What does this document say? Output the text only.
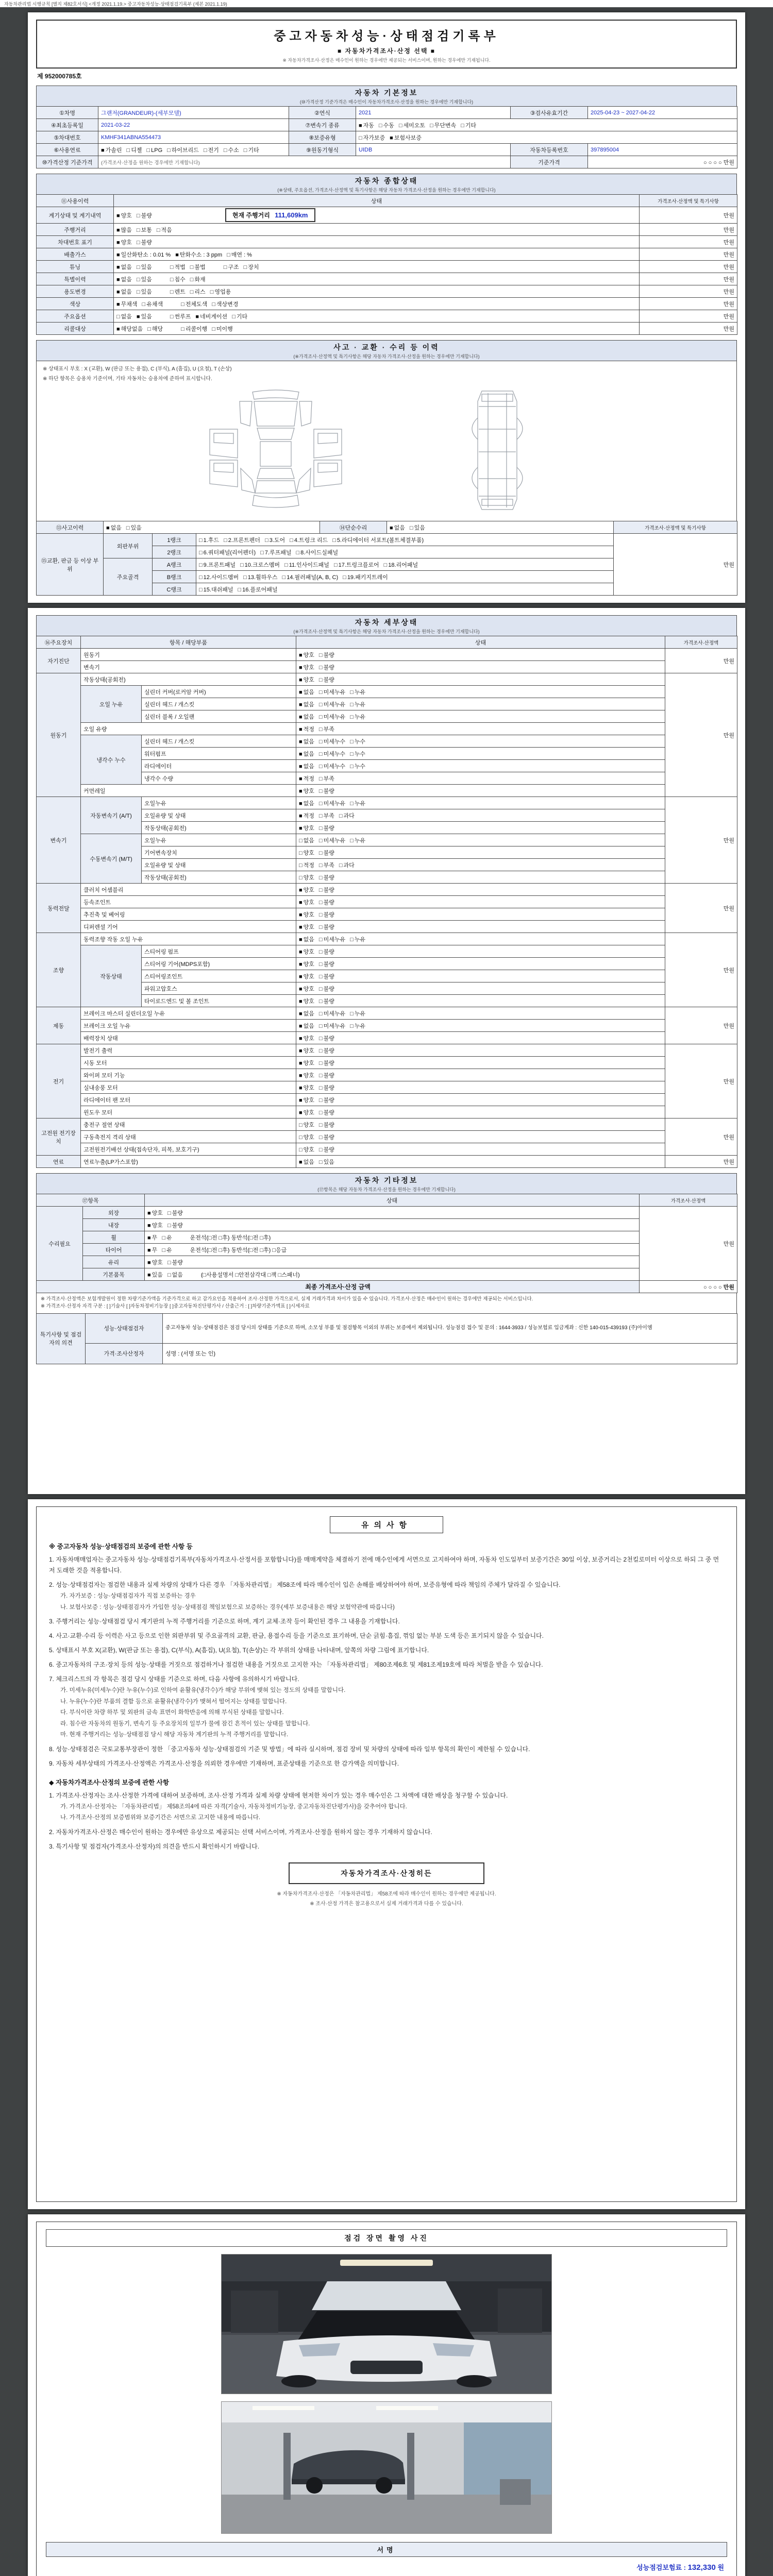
자동차관리법 시행규칙 [별지 제82호서식] <개정 2021.1.19.> 중고자동차성능·상태점검기록부 (제본 2021.1.19)
중고자동차성능·상태점검기록부
■ 자동차가격조사·산정 선택 ■
※ 자동차가격조사·산정은 매수인이 원하는 경우에만 제공되는 서비스이며, 원하는 경우에만 기재됩니다.
제 952000785호
자동차 기본정보
(⑩가격산정 기준가격은 매수인이 자동차가격조사·산정을 원하는 경우에만 기재합니다)
①차명	그랜저(GRANDEUR)-(세부모델)	②연식	2021	③검사유효기간	2025-04-23 ~ 2027-04-22
④최초등록일	2021-03-22	⑦변속기 종류	■ 자동 □ 수동 □ 세미오토 □ 무단변속 □ 기타		
⑤차대번호	KMHF341ABNA554473	⑧보증유형	□ 자가보증 ■ 보험사보증		
⑥사용연료	■ 가솔린 □ 디젤 □ LPG □ 하이브리드 □ 전기 □ 수소 □ 기타	⑨원동기형식	UIDB	자동차등록번호	397895004
⑩가격산정 기준가격	(가격조사·산정을 원하는 경우에만 기재합니다)			기준가격	○ ○ ○ ○ 만원
자동차 종합상태
(※상태, 주요옵션, 가격조사·산정액 및 특기사항은 해당 자동차 가격조사·산정을 원하는 경우에만 기재합니다)
⑪사용이력	상태	가격조사·산정액 및 특기사항
계기상태 및 계기내역	■ 양호 □ 불량 현재 주행거리 111,609km	만원
주행거리	■ 많음 □ 보통 □ 적음	만원
차대번호 표기	■ 양호 □ 불량	만원
배출가스	■ 일산화탄소 : 0.01 % ■ 탄화수소 : 3 ppm □ 매연 : %	만원
튜닝	■ 없음 □ 있음 □ 적법 □ 불법 □ 구조 □ 장치	만원
특별이력	■ 없음 □ 있음 □ 침수 □ 화재	만원
용도변경	■ 없음 □ 있음 □ 렌트 □ 리스 □ 영업용	만원
색상	■ 무채색 □ 유채색 □ 전체도색 □ 색상변경	만원
주요옵션	□ 없음 ■ 있음 □ 썬루프 ■ 네비게이션 □ 기타	만원
리콜대상	■ 해당없음 □ 해당 □ 리콜이행 □ 미이행	만원
사고 · 교환 · 수리 등 이력
(※가격조사·산정액 및 특기사항은 해당 자동차 가격조사·산정을 원하는 경우에만 기재합니다)
※ 상태표시 부호 : X (교환), W (판금 또는 용접), C (부식), A (흠집), U (요철), T (손상)
※ 하단 항목은 승용차 기준이며, 기타 자동차는 승용차에 준하여 표시합니다.
⑬사고이력	■ 없음 □ 있음	⑭단순수리	■ 없음 □ 있음	가격조사·산정액 및 특기사항
⑮교환, 판금 등 이상 부위	외판부위	1랭크	□ 1.후드 □ 2.프론트펜더 □ 3.도어 □ 4.트렁크 리드 □ 5.라디에이터 서포트(볼트체결부품)	만원
		2랭크	□ 6.쿼터패널(리어펜더) □ 7.루프패널 □ 8.사이드실패널	
	주요골격	A랭크	□ 9.프론트패널 □ 10.크로스멤버 □ 11.인사이드패널 □ 17.트렁크플로어 □ 18.리어패널	
		B랭크	□ 12.사이드멤버 □ 13.휠하우스 □ 14.필러패널(A, B, C) □ 19.패키지트레이	
		C랭크	□ 15.대쉬패널 □ 16.플로어패널	
자동차 세부상태
(※가격조사·산정액 및 특기사항은 해당 자동차 가격조사·산정을 원하는 경우에만 기재합니다)
⑯주요장치	항목 / 해당부품		상태	가격조사·산정액
자기진단	원동기		■ 양호 □ 불량	만원
	변속기		■ 양호 □ 불량	
원동기	작동상태(공회전)		■ 양호 □ 불량	만원
	오일 누유	실린더 커버(로커암 커버)	■ 없음 □ 미세누유 □ 누유	
		실린더 헤드 / 개스킷	■ 없음 □ 미세누유 □ 누유	
		실린더 블록 / 오일팬	■ 없음 □ 미세누유 □ 누유	
	오일 유량		■ 적정 □ 부족	
	냉각수 누수	실린더 헤드 / 개스킷	■ 없음 □ 미세누수 □ 누수	
		워터펌프	■ 없음 □ 미세누수 □ 누수	
		라디에이터	■ 없음 □ 미세누수 □ 누수	
		냉각수 수량	■ 적정 □ 부족	
	커먼레일		■ 양호 □ 불량	
변속기	자동변속기 (A/T)	오일누유	■ 없음 □ 미세누유 □ 누유	만원
		오일유량 및 상태	■ 적정 □ 부족 □ 과다	
		작동상태(공회전)	■ 양호 □ 불량	
	수동변속기 (M/T)	오일누유	□ 없음 □ 미세누유 □ 누유	
		기어변속장치	□ 양호 □ 불량	
		오일유량 및 상태	□ 적정 □ 부족 □ 과다	
		작동상태(공회전)	□ 양호 □ 불량	
동력전달	클러치 어셈블리		■ 양호 □ 불량	만원
	등속조인트		■ 양호 □ 불량	
	추진축 및 베어링		■ 양호 □ 불량	
	디퍼렌셜 기어		■ 양호 □ 불량	
조향	동력조향 작동 오일 누유		■ 없음 □ 미세누유 □ 누유	만원
	작동상태	스티어링 펌프	■ 양호 □ 불량	
		스티어링 기어(MDPS포함)	■ 양호 □ 불량	
		스티어링조인트	■ 양호 □ 불량	
		파워고압호스	■ 양호 □ 불량	
		타이로드엔드 및 볼 조인트	■ 양호 □ 불량	
제동	브레이크 마스터 실린더오일 누유		■ 없음 □ 미세누유 □ 누유	만원
	브레이크 오일 누유		■ 없음 □ 미세누유 □ 누유	
	배력장치 상태		■ 양호 □ 불량	
전기	발전기 출력		■ 양호 □ 불량	만원
	시동 모터		■ 양호 □ 불량	
	와이퍼 모터 기능		■ 양호 □ 불량	
	실내송풍 모터		■ 양호 □ 불량	
	라디에이터 팬 모터		■ 양호 □ 불량	
	윈도우 모터		■ 양호 □ 불량	
고전원 전기장치	충전구 절연 상태		□ 양호 □ 불량	만원
	구동축전지 격리 상태		□ 양호 □ 불량	
	고전원전기배선 상태(접속단자, 피복, 보호기구)		□ 양호 □ 불량	
연료	연료누출(LP가스포함)		■ 없음 □ 있음	만원
자동차 기타정보
(⑰항목은 해당 자동차 가격조사·산정을 원하는 경우에만 기재합니다)
⑰항목		상태	가격조사·산정액
수리필요	외장	■ 양호 □ 불량	만원
	내장	■ 양호 □ 불량	
	휠	■ 무 □ 유 운전석(□전 □후) 동반석(□전 □후)	
	타이어	■ 무 □ 유 운전석(□전 □후) 동반석(□전 □후) □응급	
	유리	■ 양호 □ 불량	
	기본품목	■ 있음 □ 없음 (□사용설명서 □안전삼각대 □잭 □스패너)	
최종 가격조사·산정 금액	○ ○ ○ ○ 만원
※ 가격조사·산정액은 보험개발원이 정한 차량기준가액을 기준가격으로 하고 감가요인을 적용하여 조사·산정한 가격으로서, 실제 거래가격과 차이가 있을 수 있습니다. 가격조사·산정은 매수인이 원하는 경우에만 제공되는 서비스입니다.
※ 가격조사·산정자 자격 구분 : [ ]기술사 [ ]자동차정비기능장 [ ]중고자동차진단평가사 / 산출근거 : [ ]차량기준가액표 [ ]시세자료
특기사항 및 점검자의 의견	성능·상태점검자	중고자동차 성능·상태점검은 점검 당시의 상태를 기준으로 하며, 소모성 부품 및 점검항목 이외의 부위는 보증에서 제외됩니다. 성능점검 접수 및 문의 : 1644-3933 / 성능보험료 입금계좌 : 신한 140-015-439193 (주)아이엠
	가격·조사산정자	성명 : (서명 또는 인)
유의사항
※ 중고자동차 성능·상태점검의 보증에 관한 사항 등
1. 자동차매매업자는 중고자동차 성능·상태점검기록부(자동차가격조사·산정서를 포함합니다)를 매매계약을 체결하기 전에 매수인에게 서면으로 고지하여야 하며, 자동차 인도일부터 보증기간은 30일 이상, 보증거리는 2천킬로미터 이상으로 하되 그 중 먼저 도래한 것을 적용합니다.
2. 성능·상태점검자는 점검한 내용과 실제 차량의 상태가 다른 경우 「자동차관리법」 제58조에 따라 매수인이 입은 손해를 배상하여야 하며, 보증유형에 따라 책임의 주체가 달라질 수 있습니다.
가. 자가보증 : 성능·상태점검자가 직접 보증하는 경우
나. 보험사보증 : 성능·상태점검자가 가입한 성능·상태점검 책임보험으로 보증하는 경우(세부 보증내용은 해당 보험약관에 따릅니다)
3. 주행거리는 성능·상태점검 당시 계기판의 누적 주행거리를 기준으로 하며, 계기 교체·조작 등이 확인된 경우 그 내용을 기재합니다.
4. 사고·교환·수리 등 이력은 사고 등으로 인한 외판부위 및 주요골격의 교환, 판금, 용접수리 등을 기준으로 표기하며, 단순 긁힘·흠집, 꺾임 없는 부분 도색 등은 표기되지 않을 수 있습니다.
5. 상태표시 부호 X(교환), W(판금 또는 용접), C(부식), A(흠집), U(요철), T(손상)는 각 부위의 상태를 나타내며, 앞쪽의 차량 그림에 표기합니다.
6. 중고자동차의 구조·장치 등의 성능·상태를 거짓으로 점검하거나 점검한 내용을 거짓으로 고지한 자는 「자동차관리법」 제80조제6호 및 제81조제19호에 따라 처벌을 받을 수 있습니다.
7. 체크리스트의 각 항목은 점검 당시 상태를 기준으로 하며, 다음 사항에 유의하시기 바랍니다.
가. 미세누유(미세누수)란 누유(누수)로 인하여 윤활유(냉각수)가 해당 부위에 맺혀 있는 정도의 상태를 말합니다.
나. 누유(누수)란 부품의 결함 등으로 윤활유(냉각수)가 맺혀서 떨어지는 상태를 말합니다.
다. 부식이란 차량 하부 및 외판의 금속 표면이 화학반응에 의해 부식된 상태를 말합니다.
라. 침수란 자동차의 원동기, 변속기 등 주요장치의 일부가 물에 잠긴 흔적이 있는 상태를 말합니다.
마. 현재 주행거리는 성능·상태점검 당시 해당 자동차 계기판의 누적 주행거리를 말합니다.
8. 성능·상태점검은 국토교통부장관이 정한 「중고자동차 성능·상태점검의 기준 및 방법」에 따라 실시하며, 점검 장비 및 차량의 상태에 따라 일부 항목의 확인이 제한될 수 있습니다.
9. 자동차 세부상태의 가격조사·산정액은 가격조사·산정을 의뢰한 경우에만 기재하며, 표준상태를 기준으로 한 감가액을 의미합니다.
◆ 자동차가격조사·산정의 보증에 관한 사항
1. 가격조사·산정자는 조사·산정한 가격에 대하여 보증하며, 조사·산정 가격과 실제 차량 상태에 현저한 차이가 있는 경우 매수인은 그 차액에 대한 배상을 청구할 수 있습니다.
가. 가격조사·산정자는 「자동차관리법」 제58조의4에 따른 자격(기술사, 자동차정비기능장, 중고자동차진단평가사)을 갖추어야 합니다.
나. 가격조사·산정의 보증범위와 보증기간은 서면으로 고지한 내용에 따릅니다.
2. 자동차가격조사·산정은 매수인이 원하는 경우에만 유상으로 제공되는 선택 서비스이며, 가격조사·산정을 원하지 않는 경우 기재하지 않습니다.
3. 특기사항 및 점검자(가격조사·산정자)의 의견을 반드시 확인하시기 바랍니다.
자동차가격조사·산정히든
※ 자동차가격조사·산정은 「자동차관리법」 제58조에 따라 매수인이 원하는 경우에만 제공됩니다.
※ 조사·산정 가격은 참고용으로서 실제 거래가격과 다를 수 있습니다.
점검 장면 촬영 사진
서명
성능점검보험료 : 132,330 원
